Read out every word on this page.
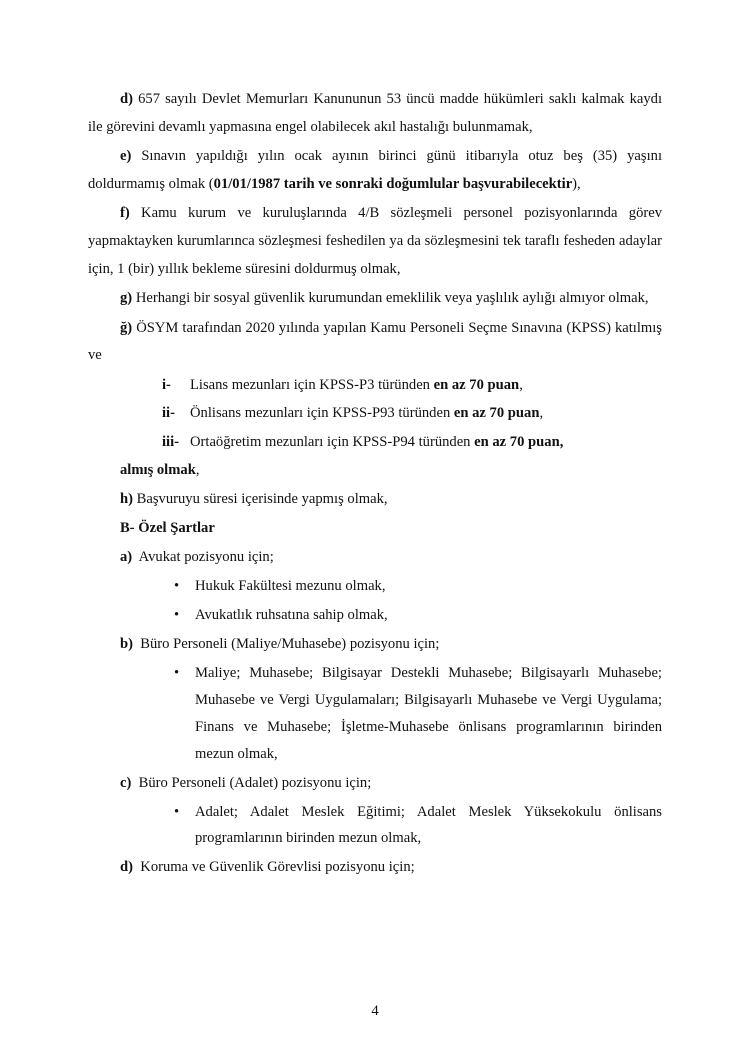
d) 657 sayılı Devlet Memurları Kanununun 53 üncü madde hükümleri saklı kalmak kaydı ile görevini devamlı yapmasına engel olabilecek akıl hastalığı bulunmamak,

e) Sınavın yapıldığı yılın ocak ayının birinci günü itibarıyla otuz beş (35) yaşını doldurmamış olmak (01/01/1987 tarih ve sonraki doğumlular başvurabilecektir),

f) Kamu kurum ve kuruluşlarında 4/B sözleşmeli personel pozisyonlarında görev yapmaktayken kurumlarınca sözleşmesi feshedilen ya da sözleşmesini tek taraflı fesheden adaylar için, 1 (bir) yıllık bekleme süresini doldurmuş olmak,

g) Herhangi bir sosyal güvenlik kurumundan emeklilik veya yaşlılık aylığı almıyor olmak,

ğ) ÖSYM tarafından 2020 yılında yapılan Kamu Personeli Seçme Sınavına (KPSS) katılmış ve

i- Lisans mezunları için KPSS-P3 türünden en az 70 puan,
ii- Önlisans mezunları için KPSS-P93 türünden en az 70 puan,
iii- Ortaöğretim mezunları için KPSS-P94 türünden en az 70 puan,
almış olmak,
h) Başvuruyu süresi içerisinde yapmış olmak,
B- Özel Şartlar
a) Avukat pozisyonu için;
• Hukuk Fakültesi mezunu olmak,
• Avukatlık ruhsatına sahip olmak,
b) Büro Personeli (Maliye/Muhasebe) pozisyonu için;
• Maliye; Muhasebe; Bilgisayar Destekli Muhasebe; Bilgisayarlı Muhasebe; Muhasebe ve Vergi Uygulamaları; Bilgisayarlı Muhasebe ve Vergi Uygulama; Finans ve Muhasebe; İşletme-Muhasebe önlisans programlarının birinden mezun olmak,

c) Büro Personeli (Adalet) pozisyonu için;
• Adalet; Adalet Meslek Eğitimi; Adalet Meslek Yüksekokulu önlisans programlarının birinden mezun olmak,

d) Koruma ve Güvenlik Görevlisi pozisyonu için;
4
